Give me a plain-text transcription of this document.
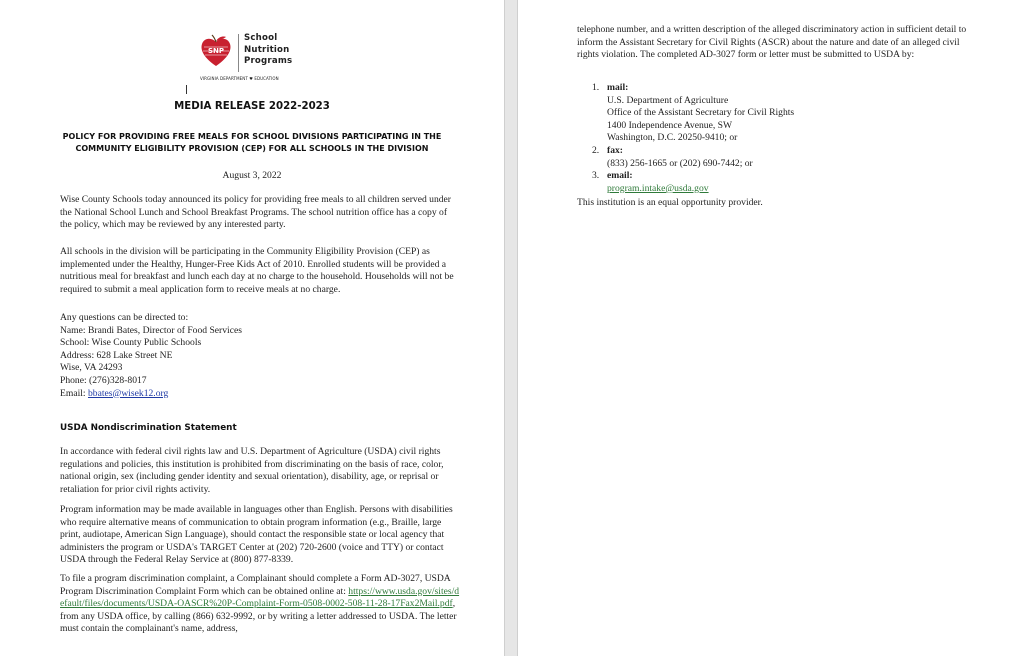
SNP
School
Nutrition
Programs
VIRGINIA DEPARTMENT ♥ EDUCATION
MEDIA RELEASE 2022-2023
POLICY FOR PROVIDING FREE MEALS FOR SCHOOL DIVISIONS PARTICIPATING IN THE COMMUNITY ELIGIBILITY PROVISION (CEP) FOR ALL SCHOOLS IN THE DIVISION
August 3, 2022

Wise County Schools today announced its policy for providing free meals to all children served under the National School Lunch and School Breakfast Programs. The school nutrition office has a copy of the policy, which may be reviewed by any interested party.

All schools in the division will be participating in the Community Eligibility Provision (CEP) as implemented under the Healthy, Hunger-Free Kids Act of 2010. Enrolled students will be provided a nutritious meal for breakfast and lunch each day at no charge to the household. Households will not be required to submit a meal application form to receive meals at no charge.

Any questions can be directed to:
Name: Brandi Bates, Director of Food Services
School: Wise County Public Schools
Address: 628 Lake Street NE
Wise, VA 24293
Phone: (276)328-8017
Email: bbates@wisek12.org
USDA Nondiscrimination Statement

In accordance with federal civil rights law and U.S. Department of Agriculture (USDA) civil rights regulations and policies, this institution is prohibited from discriminating on the basis of race, color, national origin, sex (including gender identity and sexual orientation), disability, age, or reprisal or retaliation for prior civil rights activity.

Program information may be made available in languages other than English. Persons with disabilities who require alternative means of communication to obtain program information (e.g., Braille, large print, audiotape, American Sign Language), should contact the responsible state or local agency that administers the program or USDA's TARGET Center at (202) 720-2600 (voice and TTY) or contact USDA through the Federal Relay Service at (800) 877-8339.

To file a program discrimination complaint, a Complainant should complete a Form AD-3027, USDA Program Discrimination Complaint Form which can be obtained online at: https://www.usda.gov/sites/default/files/documents/USDA-OASCR%20P-Complaint-Form-0508-0002-508-11-28-17Fax2Mail.pdf, from any USDA office, by calling (866) 632-9992, or by writing a letter addressed to USDA. The letter must contain the complainant's name, address,

telephone number, and a written description of the alleged discriminatory action in sufficient detail to inform the Assistant Secretary for Civil Rights (ASCR) about the nature and date of an alleged civil rights violation. The completed AD-3027 form or letter must be submitted to USDA by:

1. mail:
U.S. Department of Agriculture
Office of the Assistant Secretary for Civil Rights
1400 Independence Avenue, SW
Washington, D.C. 20250-9410; or
2. fax:
(833) 256-1665 or (202) 690-7442; or
3. email:
program.intake@usda.gov

This institution is an equal opportunity provider.
